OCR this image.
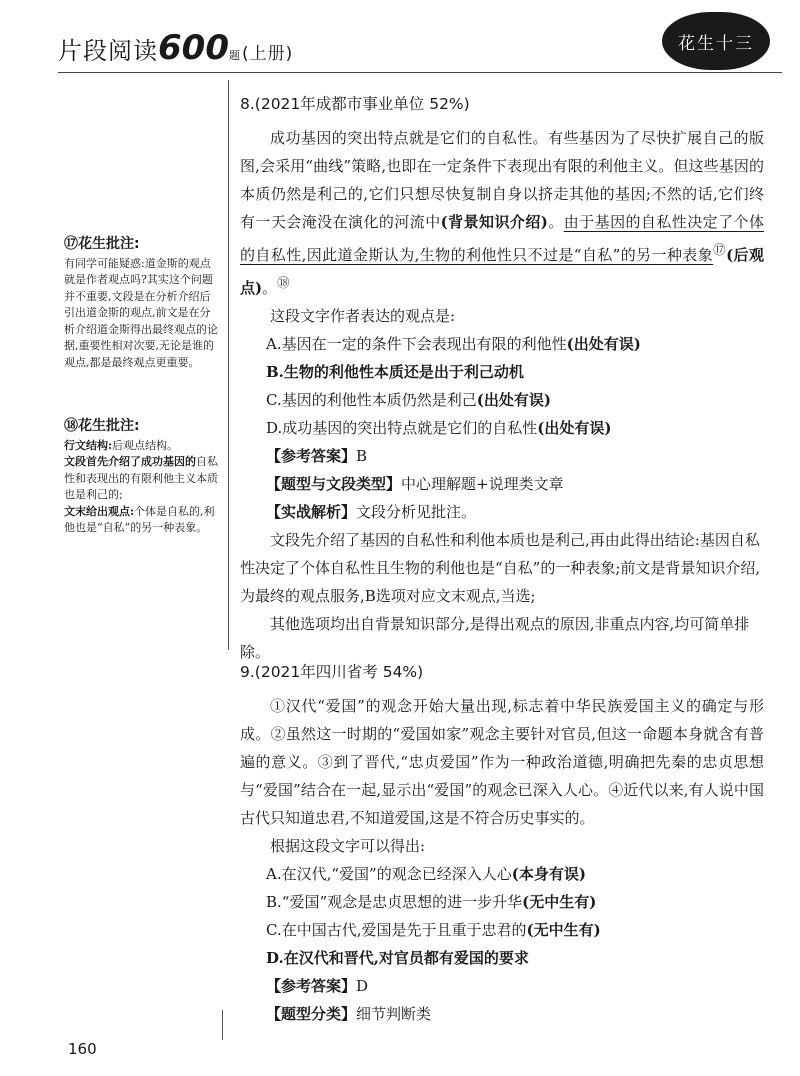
片段阅读600题(上册)
花生十三
⑰花生批注:

有同学可能疑惑:道金斯的观点就是作者观点吗?其实这个问题并不重要,文段是在分析介绍后引出道金斯的观点,前文是在分析介绍道金斯得出最终观点的论据,重要性相对次要,无论是谁的观点,都是最终观点更重要。

⑱花生批注:

行文结构:后观点结构。

文段首先介绍了成功基因的自私性和表现出的有限利他主义本质也是利己的;

文末给出观点:个体是自私的,利他也是“自私”的另一种表象。

8.(2021年成都市事业单位 52%)

成功基因的突出特点就是它们的自私性。有些基因为了尽快扩展自己的版图,会采用“曲线”策略,也即在一定条件下表现出有限的利他主义。但这些基因的本质仍然是利己的,它们只想尽快复制自身以挤走其他的基因;不然的话,它们终有一天会淹没在演化的河流中(背景知识介绍)。由于基因的自私性决定了个体的自私性,因此道金斯认为,生物的利他性只不过是“自私”的另一种表象⑰(后观点)。⑱

这段文字作者表达的观点是:

A.基因在一定的条件下会表现出有限的利他性(出处有误)

B.生物的利他性本质还是出于利己动机

C.基因的利他性本质仍然是利己(出处有误)

D.成功基因的突出特点就是它们的自私性(出处有误)

【参考答案】B

【题型与文段类型】中心理解题+说理类文章

【实战解析】文段分析见批注。

文段先介绍了基因的自私性和利他本质也是利己,再由此得出结论:基因自私性决定了个体自私性且生物的利他也是“自私”的一种表象;前文是背景知识介绍,为最终的观点服务,B选项对应文末观点,当选;

其他选项均出自背景知识部分,是得出观点的原因,非重点内容,均可简单排除。

9.(2021年四川省考 54%)

①汉代“爱国”的观念开始大量出现,标志着中华民族爱国主义的确定与形成。②虽然这一时期的“爱国如家”观念主要针对官员,但这一命题本身就含有普遍的意义。③到了晋代,“忠贞爱国”作为一种政治道德,明确把先秦的忠贞思想与“爱国”结合在一起,显示出“爱国”的观念已深入人心。④近代以来,有人说中国古代只知道忠君,不知道爱国,这是不符合历史事实的。

根据这段文字可以得出:

A.在汉代,“爱国”的观念已经深入人心(本身有误)

B.“爱国”观念是忠贞思想的进一步升华(无中生有)

C.在中国古代,爱国是先于且重于忠君的(无中生有)

D.在汉代和晋代,对官员都有爱国的要求

【参考答案】D

【题型分类】细节判断类

160
